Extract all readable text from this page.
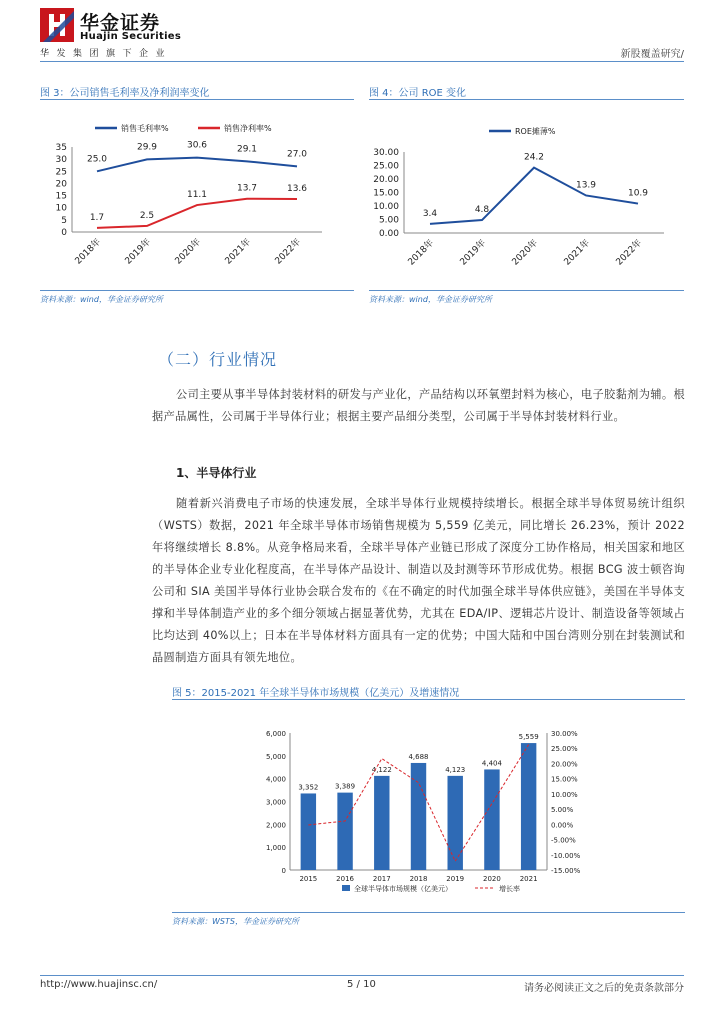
华金证券
Huajin Securities
华发集团旗下企业	新股覆盖研究/
图 3：公司销售毛利率及净利润率变化	图 4：公司 ROE 变化
0
5
10
15
20
25
30
35
2018年 2019年 2020年 2021年 2022年
25.0
29.9	30.6	29.1
27.0
销售毛利率%
1.7	2.5
11.1
13.7	13.6
销售净利率%
0.00
5.00
10.00
15.00
20.00
25.00
30.00
2018年 2019年 2020年 2021年 2022年
3.4	4.8
24.2
13.9
10.9
ROE摊薄%
资料来源：wind，华金证券研究所	资料来源：wind，华金证券研究所
（二）行业情况
公司主要从事半导体封装材料的研发与产业化，产品结构以环氧塑封料为核心，电子胶黏剂为辅。根据产品属性，公司属于半导体行业；根据主要产品细分类型，公司属于半导体封装材料行业。
1、半导体行业
随着新兴消费电子市场的快速发展，全球半导体行业规模持续增长。根据全球半导体贸易统计组织（WSTS）数据，2021 年全球半导体市场销售规模为 5,559 亿美元，同比增长 26.23%，预计 2022 年将继续增长 8.8%。从竞争格局来看，全球半导体产业链已形成了深度分工协作格局，相关国家和地区的半导体企业专业化程度高，在半导体产品设计、制造以及封测等环节形成优势。根据 BCG 波士顿咨询公司和 SIA 美国半导体行业协会联合发布的《在不确定的时代加强全球半导体供应链》，美国在半导体支撑和半导体制造产业的多个细分领域占据显著优势，尤其在 EDA/IP、逻辑芯片设计、制造设备等领域占比均达到 40%以上；日本在半导体材料方面具有一定的优势；中国大陆和中国台湾则分别在封装测试和晶圆制造方面具有领先地位。
图 5：2015-2021 年全球半导体市场规模（亿美元）及增速情况
0
1,000
2,000
3,000
4,000
5,000
6,000
-15.00%
-10.00%
-5.00%
0.00%
5.00%
10.00%
15.00%
20.00%
25.00%
30.00%
3,352 3,389
4,122
4,688
4,123
4,404
5,559
2015	2016	2017	2018	2019	2020	2021
全球半导体市场规模（亿美元）	增长率
资料来源：WSTS，华金证券研究所
http://www.huajinsc.cn/	5 / 10	请务必阅读正文之后的免责条款部分
